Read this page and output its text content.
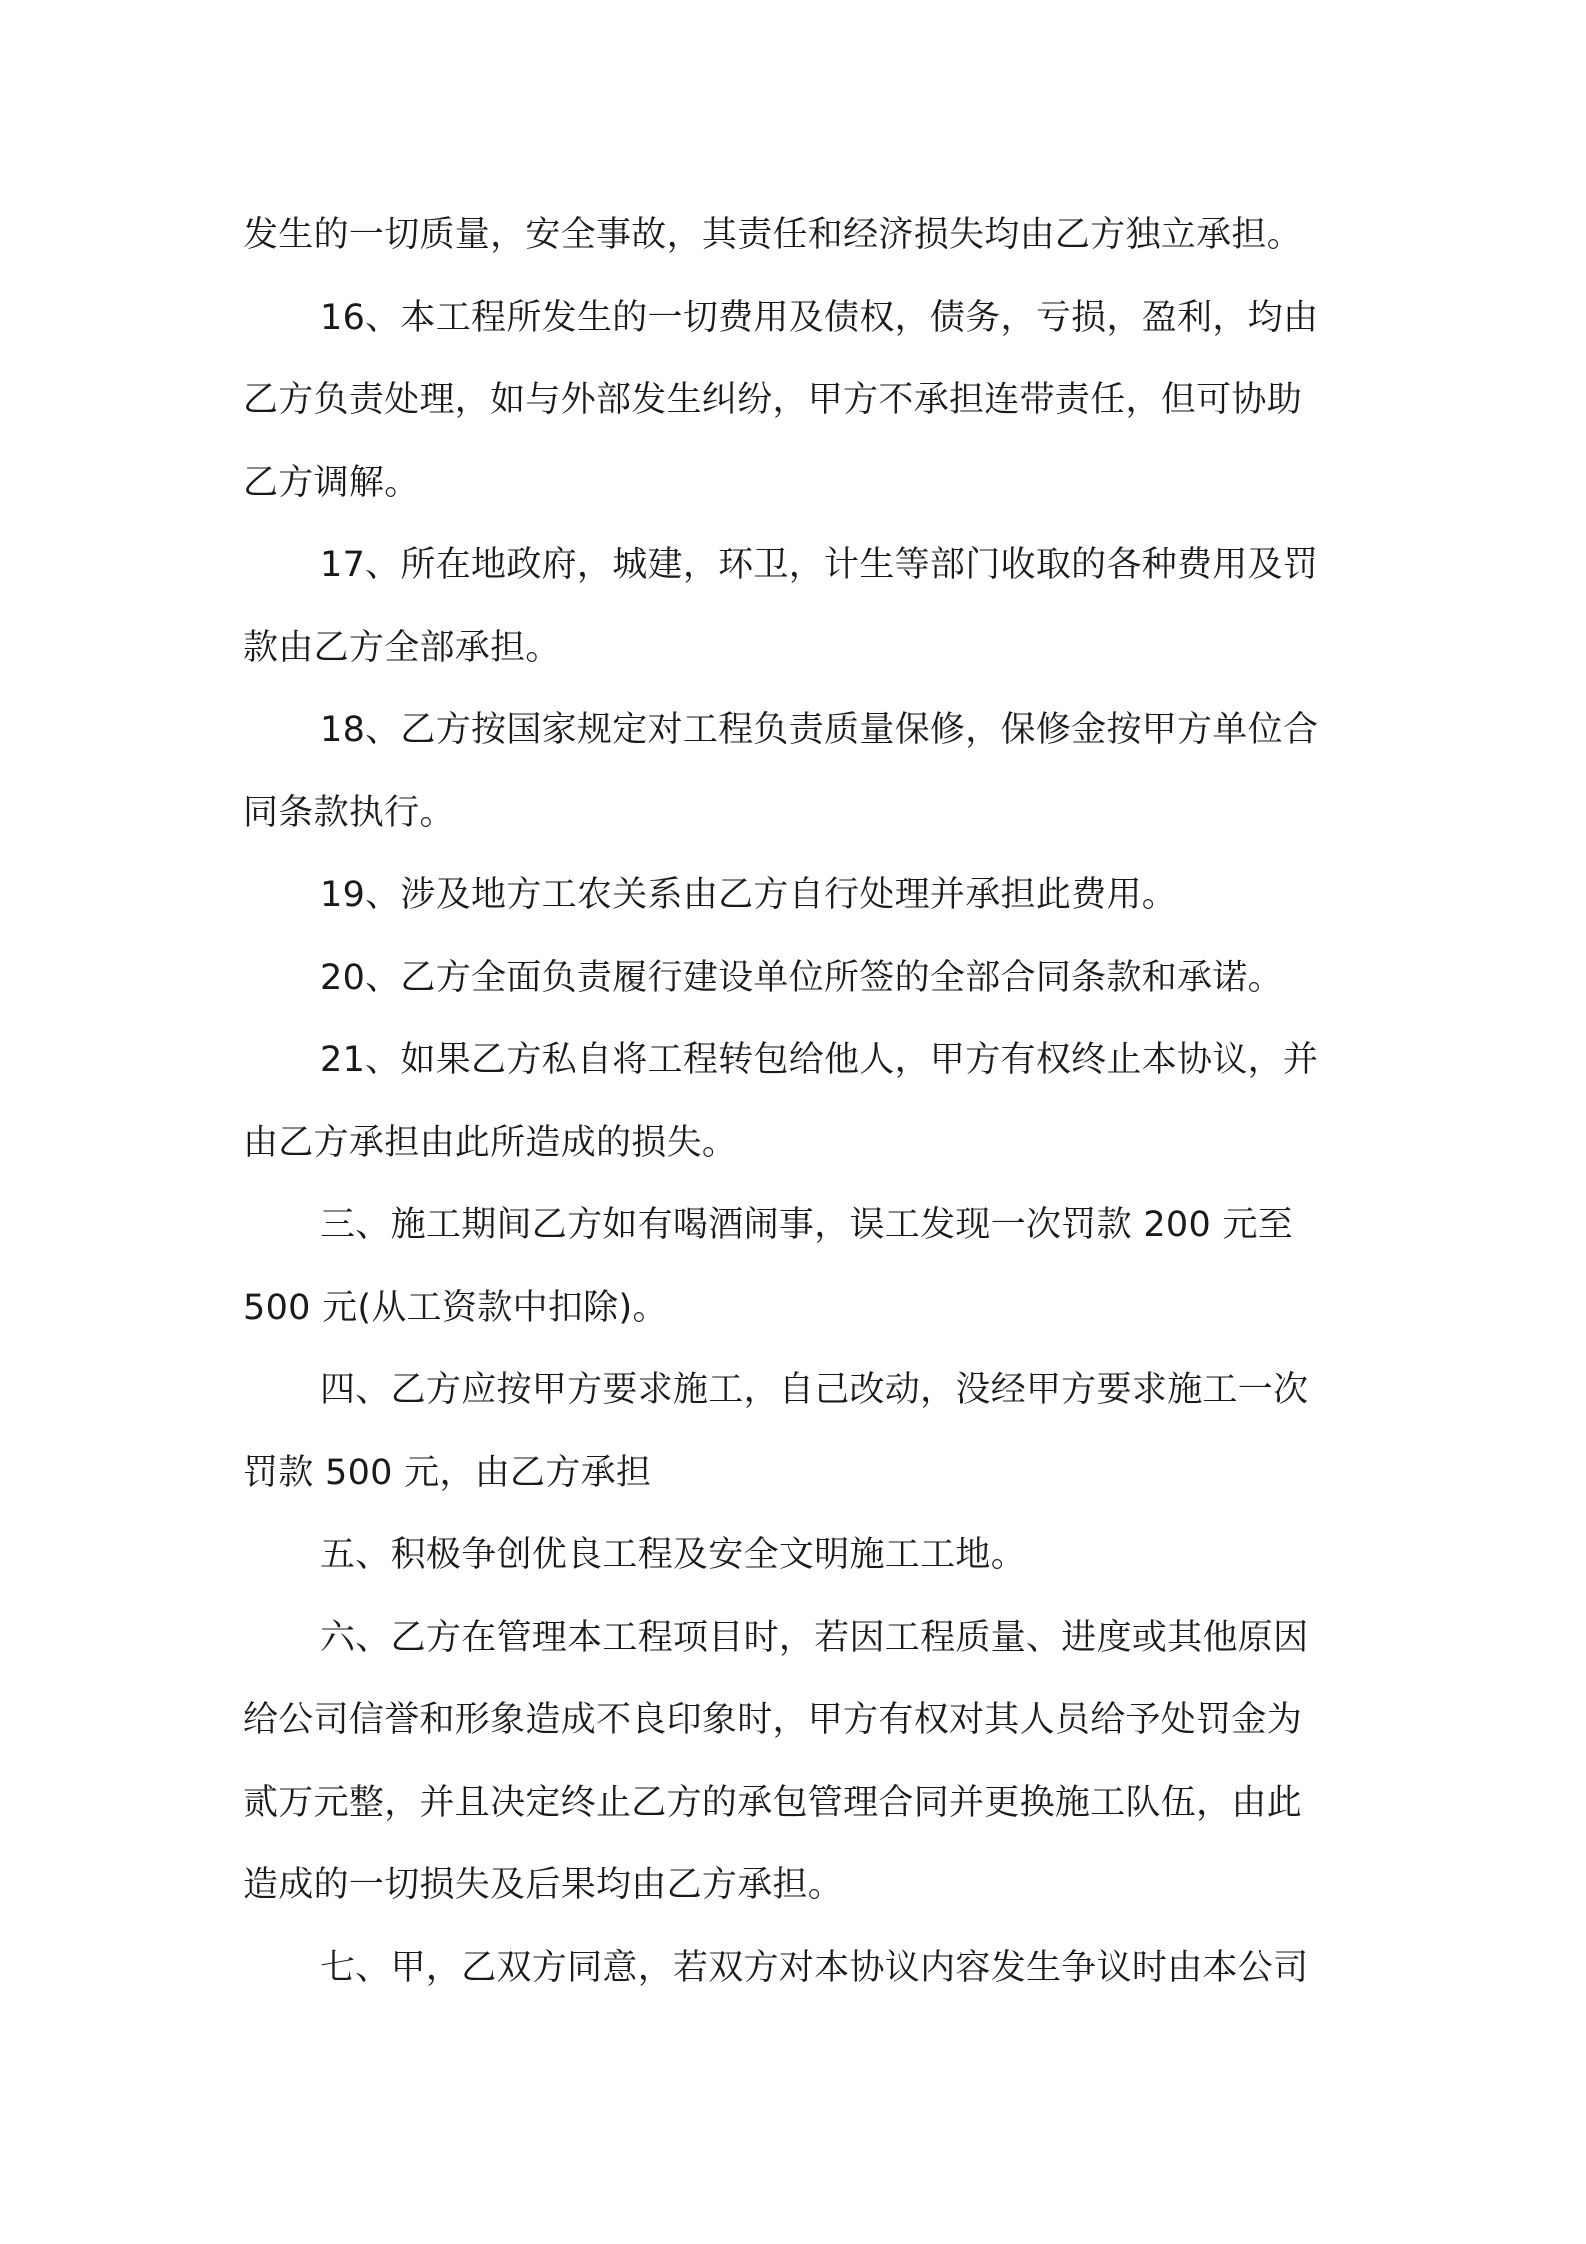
发生的一切质量，安全事故，其责任和经济损失均由乙方独立承担。
16、本工程所发生的一切费用及债权，债务，亏损，盈利，均由
乙方负责处理，如与外部发生纠纷，甲方不承担连带责任，但可协助
乙方调解。
17、所在地政府，城建，环卫，计生等部门收取的各种费用及罚
款由乙方全部承担。
18、乙方按国家规定对工程负责质量保修，保修金按甲方单位合
同条款执行。
19、涉及地方工农关系由乙方自行处理并承担此费用。
20、乙方全面负责履行建设单位所签的全部合同条款和承诺。
21、如果乙方私自将工程转包给他人，甲方有权终止本协议，并
由乙方承担由此所造成的损失。
三、施工期间乙方如有喝酒闹事，误工发现一次罚款 200 元至
500 元(从工资款中扣除)。
四、乙方应按甲方要求施工，自己改动，没经甲方要求施工一次
罚款 500 元，由乙方承担
五、积极争创优良工程及安全文明施工工地。
六、乙方在管理本工程项目时，若因工程质量、进度或其他原因
给公司信誉和形象造成不良印象时，甲方有权对其人员给予处罚金为
贰万元整，并且决定终止乙方的承包管理合同并更换施工队伍，由此
造成的一切损失及后果均由乙方承担。
七、甲，乙双方同意，若双方对本协议内容发生争议时由本公司
